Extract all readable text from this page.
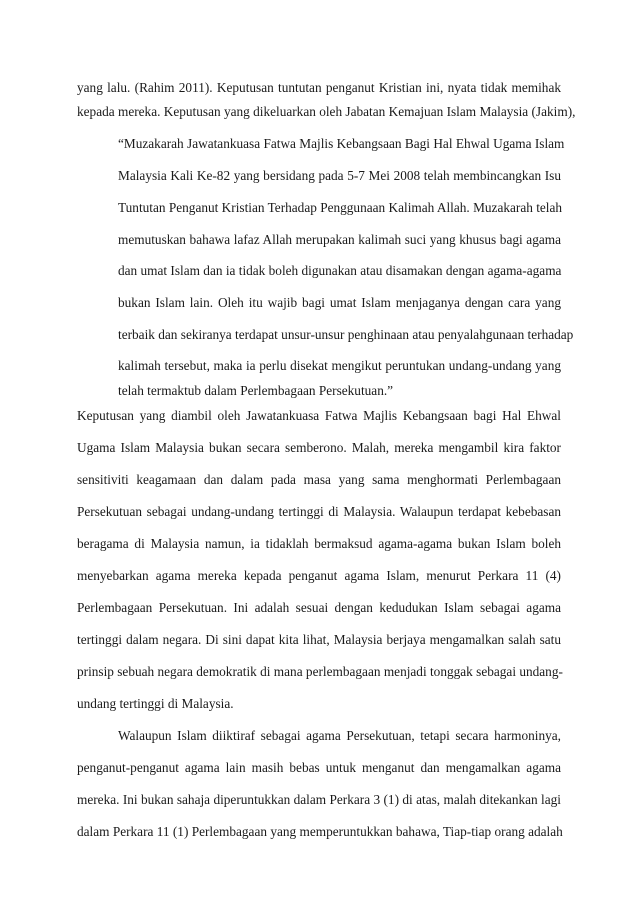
yang lalu. (Rahim 2011). Keputusan tuntutan penganut Kristian ini, nyata tidak memihak

kepada mereka. Keputusan yang dikeluarkan oleh Jabatan Kemajuan Islam Malaysia (Jakim),

“Muzakarah Jawatankuasa Fatwa Majlis Kebangsaan Bagi Hal Ehwal Ugama Islam

Malaysia Kali Ke-82 yang bersidang pada 5-7 Mei 2008 telah membincangkan Isu

Tuntutan Penganut Kristian Terhadap Penggunaan Kalimah Allah. Muzakarah telah

memutuskan bahawa lafaz Allah merupakan kalimah suci yang khusus bagi agama

dan umat Islam dan ia tidak boleh digunakan atau disamakan dengan agama-agama

bukan Islam lain. Oleh itu wajib bagi umat Islam menjaganya dengan cara yang

terbaik dan sekiranya terdapat unsur-unsur penghinaan atau penyalahgunaan terhadap

kalimah tersebut, maka ia perlu disekat mengikut peruntukan undang-undang yang

telah termaktub dalam Perlembagaan Persekutuan.”

Keputusan yang diambil oleh Jawatankuasa Fatwa Majlis Kebangsaan bagi Hal Ehwal

Ugama Islam Malaysia bukan secara semberono. Malah, mereka mengambil kira faktor

sensitiviti keagamaan dan dalam pada masa yang sama menghormati Perlembagaan

Persekutuan sebagai undang-undang tertinggi di Malaysia. Walaupun terdapat kebebasan

beragama di Malaysia namun, ia tidaklah bermaksud agama-agama bukan Islam boleh

menyebarkan agama mereka kepada penganut agama Islam, menurut Perkara 11 (4)

Perlembagaan Persekutuan. Ini adalah sesuai dengan kedudukan Islam sebagai agama

tertinggi dalam negara. Di sini dapat kita lihat, Malaysia berjaya mengamalkan salah satu

prinsip sebuah negara demokratik di mana perlembagaan menjadi tonggak sebagai undang-

undang tertinggi di Malaysia.

Walaupun Islam diiktiraf sebagai agama Persekutuan, tetapi secara harmoninya,

penganut-penganut agama lain masih bebas untuk menganut dan mengamalkan agama

mereka. Ini bukan sahaja diperuntukkan dalam Perkara 3 (1) di atas, malah ditekankan lagi

dalam Perkara 11 (1) Perlembagaan yang memperuntukkan bahawa, Tiap-tiap orang adalah
